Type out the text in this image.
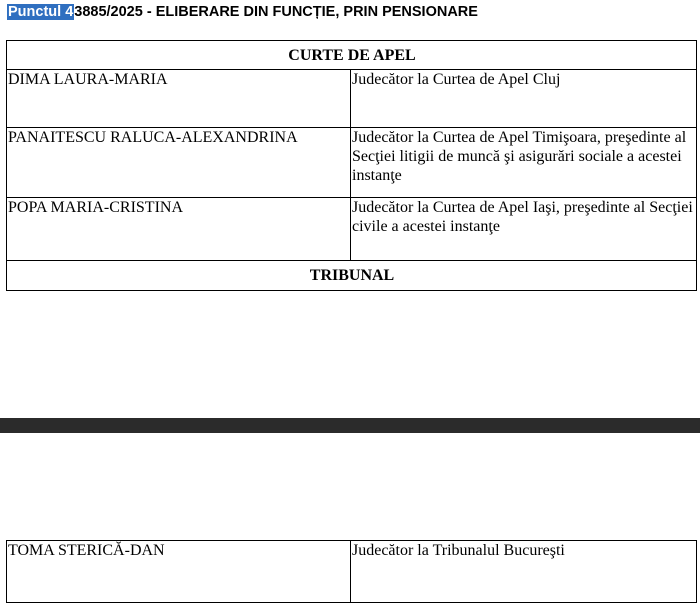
Punctul 43885/2025 - ELIBERARE DIN FUNCȚIE, PRIN PENSIONARE
CURTE DE APEL	
DIMA LAURA-MARIA	Judecător la Curtea de Apel Cluj
PANAITESCU RALUCA-ALEXANDRINA	Judecător la Curtea de Apel Timişoara, preşedinte al Secţiei litigii de muncă şi asigurări sociale a acestei instanţe
POPA MARIA-CRISTINA	Judecător la Curtea de Apel Iaşi, preşedinte al Secţiei civile a acestei instanţe
TRIBUNAL	
TOMA STERICĂ-DAN	Judecător la Tribunalul Bucureşti
